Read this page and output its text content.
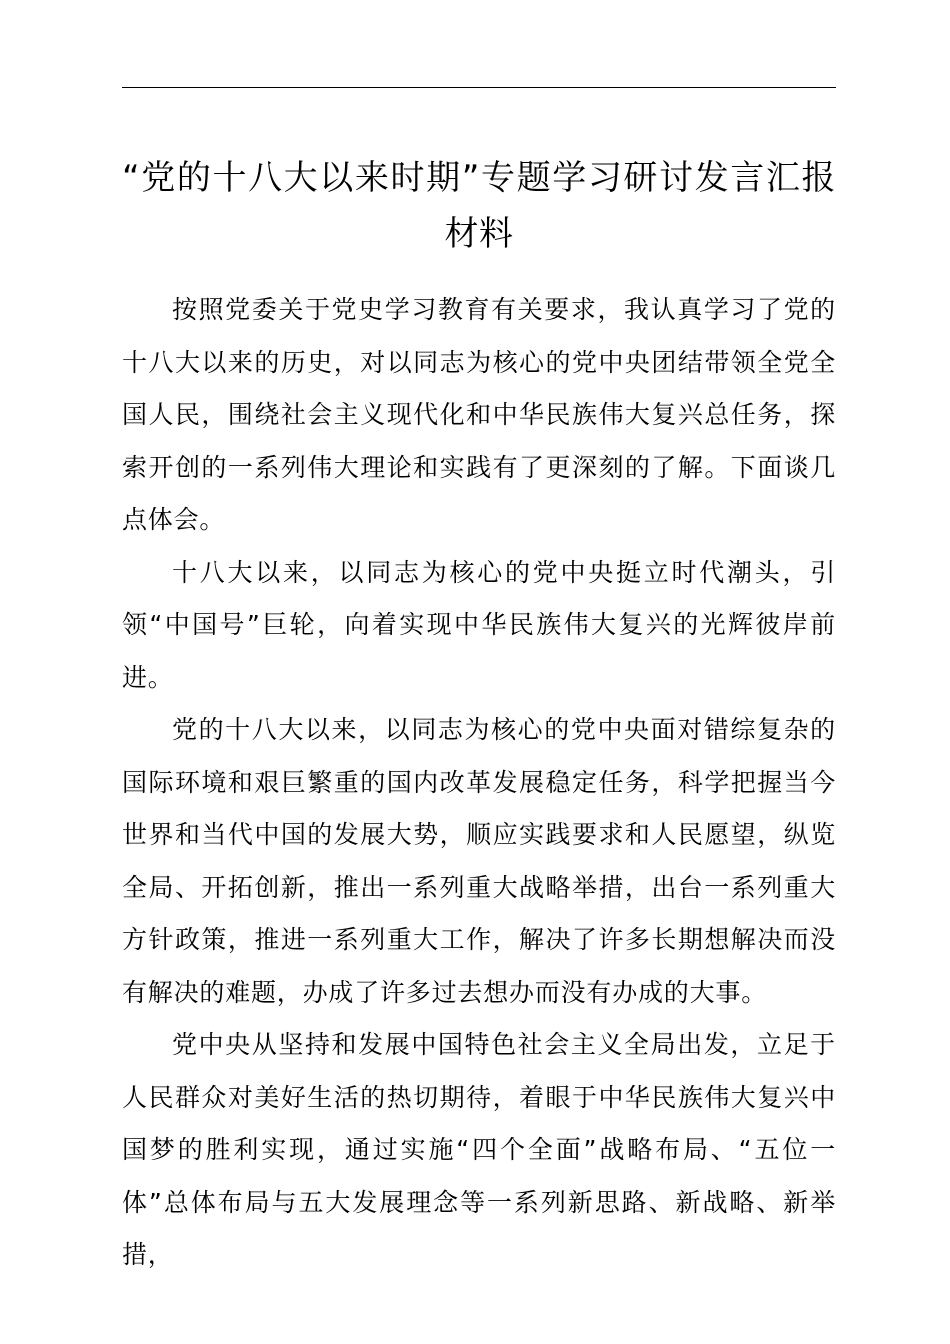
“党的十八大以来时期”专题学习研讨发言汇报
材料

按照党委关于党史学习教育有关要求，我认真学习了党的十八大以来的历史，对以同志为核心的党中央团结带领全党全国人民，围绕社会主义现代化和中华民族伟大复兴总任务，探索开创的一系列伟大理论和实践有了更深刻的了解。下面谈几点体会。

十八大以来，以同志为核心的党中央挺立时代潮头，引领“中国号”巨轮，向着实现中华民族伟大复兴的光辉彼岸前进。

党的十八大以来，以同志为核心的党中央面对错综复杂的国际环境和艰巨繁重的国内改革发展稳定任务，科学把握当今世界和当代中国的发展大势，顺应实践要求和人民愿望，纵览全局、开拓创新，推出一系列重大战略举措，出台一系列重大方针政策，推进一系列重大工作，解决了许多长期想解决而没有解决的难题，办成了许多过去想办而没有办成的大事。

党中央从坚持和发展中国特色社会主义全局出发，立足于人民群众对美好生活的热切期待，着眼于中华民族伟大复兴中国梦的胜利实现，通过实施“四个全面”战略布局、“五位一体”总体布局与五大发展理念等一系列新思路、新战略、新举措，
